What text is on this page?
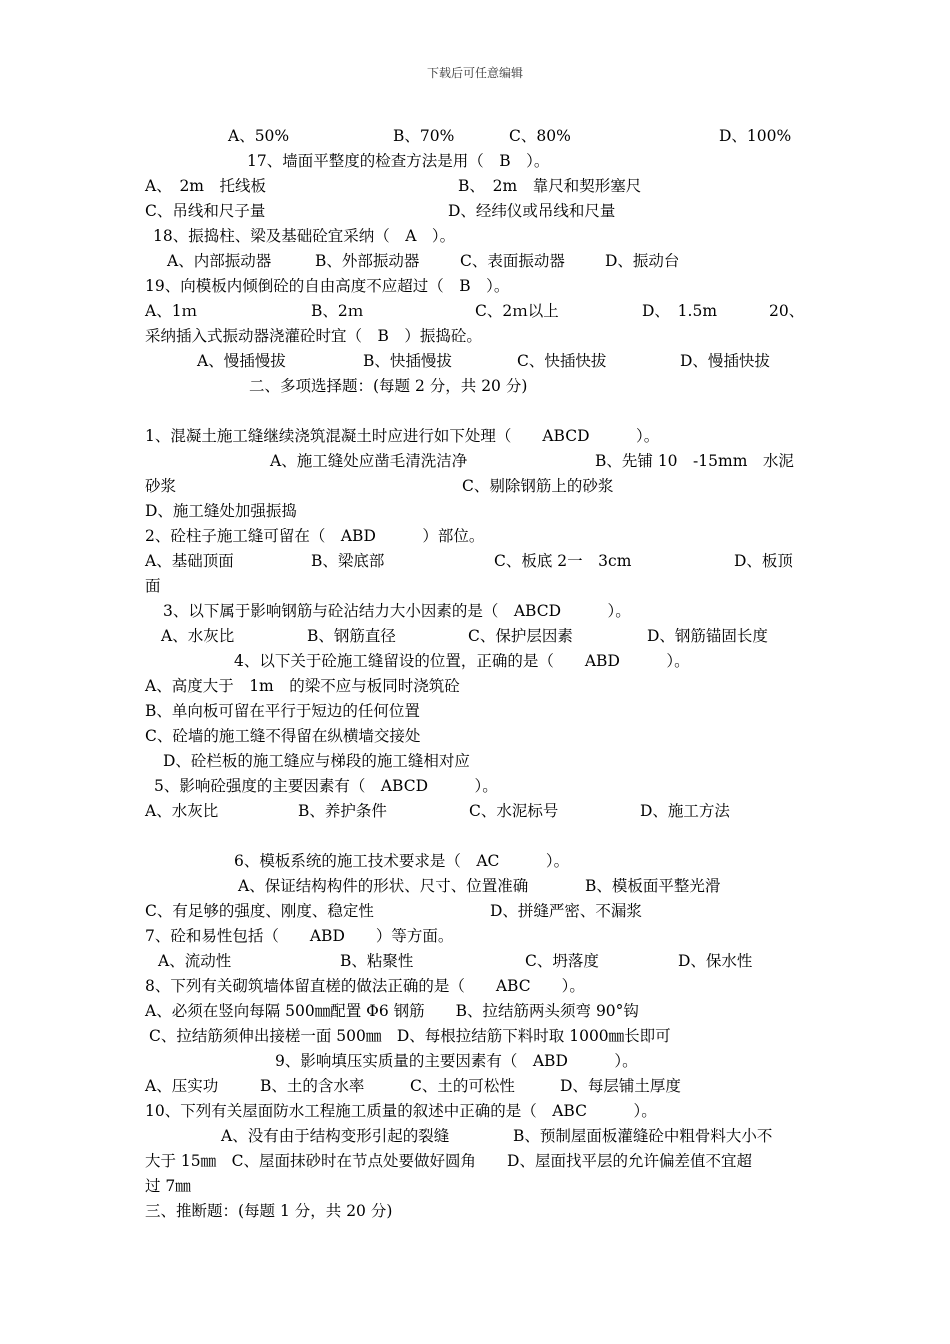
下载后可任意编辑
A、50%	B、70%	C、80%	D、100%
17、墙面平整度的检查方法是用（　B　）。
A、　2m　托线板	B、　2m　靠尺和契形塞尺
C、吊线和尺子量	D、经纬仪或吊线和尺量
18、振捣柱、梁及基础砼宜采纳（　A　）。
A、内部振动器	B、外部振动器	C、表面振动器	D、振动台
19、向模板内倾倒砼的自由高度不应超过（　B　）。
A、1ｍ	B、2ｍ	C、2ｍ以上	D、　1.5m	20、
采纳插入式振动器浇灌砼时宜（　B　）振捣砼。
A、慢插慢拔	B、快插慢拔	C、快插快拔	D、慢插快拔
二、多项选择题：(每题 2 分，共 20 分)
1、混凝土施工缝继续浇筑混凝土时应进行如下处理（　　ABCD　　　）。
A、施工缝处应凿毛清洗洁净	B、先铺 10　-15mm　水泥
砂浆	C、剔除钢筋上的砂浆
D、施工缝处加强振捣
2、砼柱子施工缝可留在（　ABD　　　）部位。
A、基础顶面	B、梁底部	C、板底 2一　3cm	D、板顶
面
3、以下属于影响钢筋与砼沾结力大小因素的是（　ABCD　　　）。
A、水灰比	B、钢筋直径	C、保护层因素	D、钢筋锚固长度
4、以下关于砼施工缝留设的位置，正确的是（　　ABD　　　）。
A、高度大于　1m　的梁不应与板同时浇筑砼
B、单向板可留在平行于短边的任何位置
C、砼墙的施工缝不得留在纵横墙交接处
D、砼栏板的施工缝应与梯段的施工缝相对应
5、影响砼强度的主要因素有（　ABCD　　　）。
A、水灰比	B、养护条件	C、水泥标号	D、施工方法
6、模板系统的施工技术要求是（　AC　　　）。
A、保证结构构件的形状、尺寸、位置准确	B、模板面平整光滑
C、有足够的强度、刚度、稳定性	D、拼缝严密、不漏浆
7、砼和易性包括（　　ABD　　）等方面。
A、流动性	B、粘聚性	C、坍落度	D、保水性
8、下列有关砌筑墙体留直槎的做法正确的是（　　ABC　　）。
A、必须在竖向每隔 500㎜配置 Φ6 钢筋　　B、拉结筋两头须弯 90°钩
C、拉结筋须伸出接槎一面 500㎜　D、每根拉结筋下料时取 1000㎜长即可
9、影响填压实质量的主要因素有（　ABD　　　）。
A、压实功	B、土的含水率	C、土的可松性	D、每层铺土厚度
10、下列有关屋面防水工程施工质量的叙述中正确的是（　ABC　　　）。
A、没有由于结构变形引起的裂缝	B、预制屋面板灌缝砼中粗骨料大小不
大于 15㎜　C、屋面抹砂时在节点处要做好圆角　　D、屋面找平层的允许偏差值不宜超
过 7㎜
三、推断题：(每题 1 分，共 20 分)
